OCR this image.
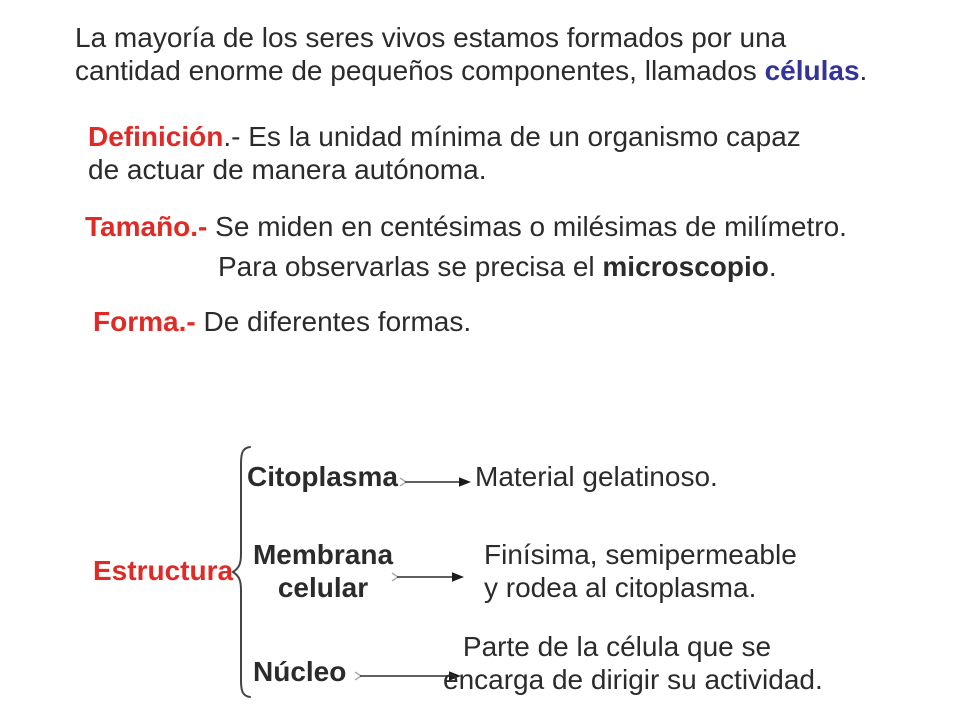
La mayoría de los seres vivos estamos formados por una
cantidad enorme de pequeños componentes, llamados células.
Definición.- Es la unidad mínima de un organismo capaz
de actuar de manera autónoma.
Tamaño.- Se miden en centésimas o milésimas de milímetro.
Para observarlas se precisa el microscopio.
Forma.- De diferentes formas.
Estructura
Citoplasma	Material gelatinoso.
Membrana
celular
Finísima, semipermeable
y rodea al citoplasma.
Núcleo
Parte de la célula que se
encarga de dirigir su actividad.
